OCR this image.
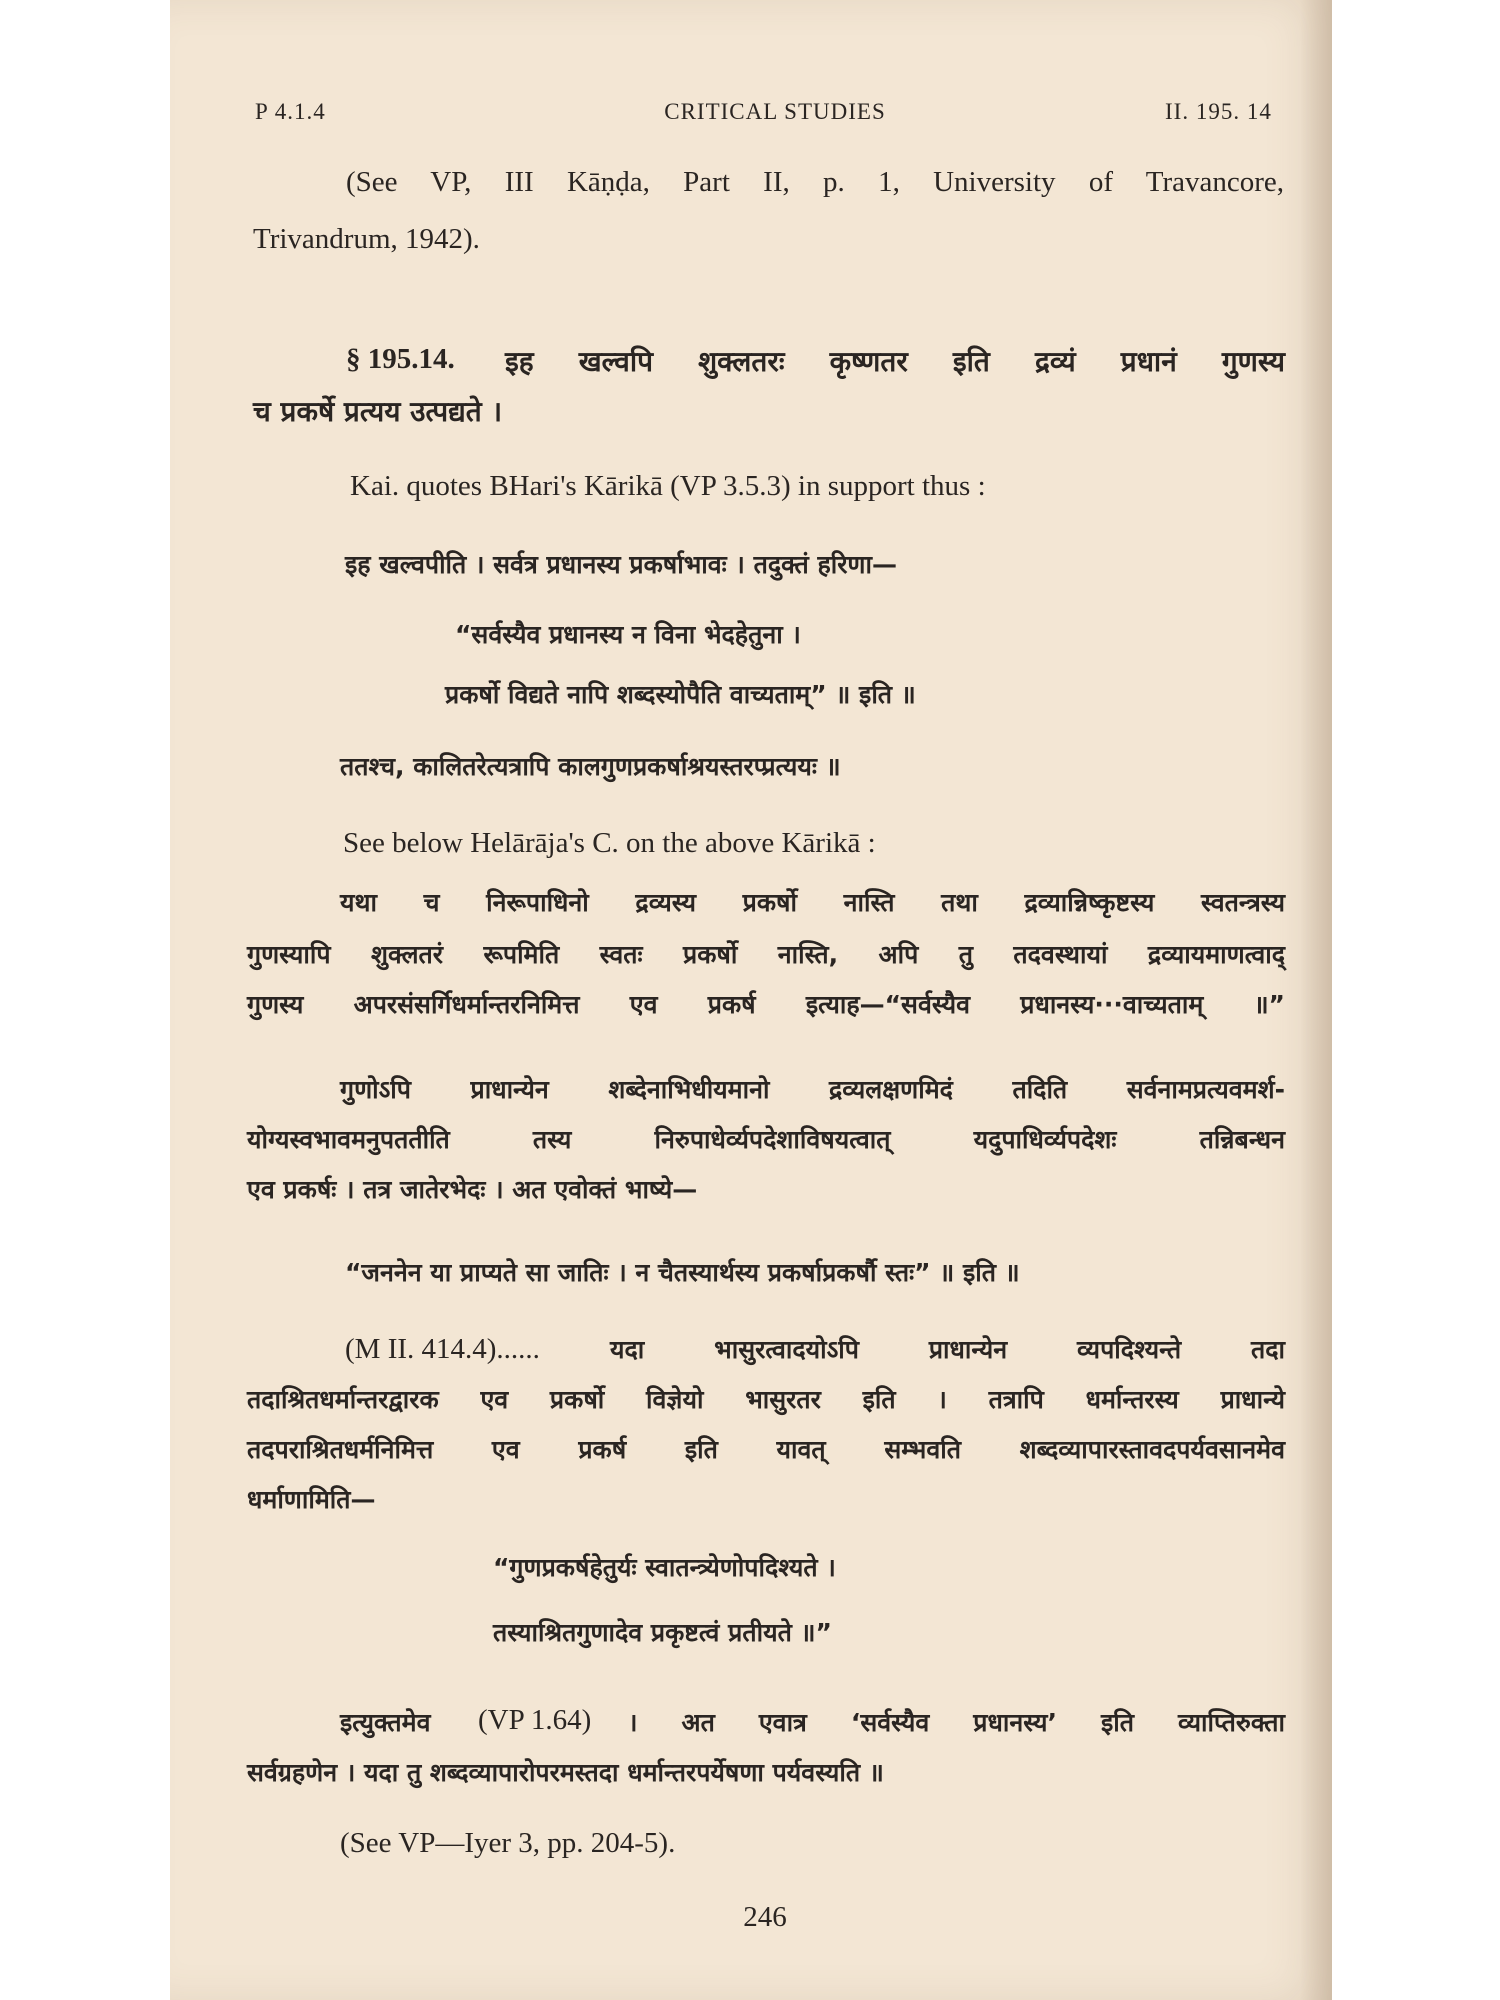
P 4.1.4	CRITICAL STUDIES	II. 195. 14
(See VP, III Kāṇḍa, Part II, p. 1, University of Travancore,
Trivandrum, 1942).
§ 195.14. इह खल्वपि शुक्लतरः कृष्णतर इति द्रव्यं प्रधानं गुणस्य
च प्रकर्षे प्रत्यय उत्पद्यते ।
Kai. quotes BHari's Kārikā (VP 3.5.3) in support thus :
इह खल्वपीति । सर्वत्र प्रधानस्य प्रकर्षाभावः । तदुक्तं हरिणा—
“सर्वस्यैव प्रधानस्य न विना भेदहेतुना ।
प्रकर्षो विद्यते नापि शब्दस्योपैति वाच्यताम्” ॥ इति ॥
ततश्च, कालितरेत्यत्रापि कालगुणप्रकर्षाश्रयस्तरप्प्रत्ययः ॥
See below Helārāja's C. on the above Kārikā :
यथा च निरूपाधिनो द्रव्यस्य प्रकर्षो नास्ति तथा द्रव्यान्निष्कृष्टस्य स्वतन्त्रस्य
गुणस्यापि शुक्लतरं रूपमिति स्वतः प्रकर्षो नास्ति, अपि तु तदवस्थायां द्रव्यायमाणत्वाद्
गुणस्य अपरसंसर्गिधर्मान्तरनिमित्त एव प्रकर्ष इत्याह—“सर्वस्यैव प्रधानस्य···वाच्यताम् ॥”
गुणोऽपि प्राधान्येन शब्देनाभिधीयमानो द्रव्यलक्षणमिदं तदिति सर्वनामप्रत्यवमर्श-
योग्यस्वभावमनुपततीति तस्य निरुपाधेर्व्यपदेशाविषयत्वात् यदुपाधिर्व्यपदेशः तन्निबन्धन
एव प्रकर्षः । तत्र जातेरभेदः । अत एवोक्तं भाष्ये—
“जननेन या प्राप्यते सा जातिः । न चैतस्यार्थस्य प्रकर्षाप्रकर्षौ स्तः” ॥ इति ॥
(M II. 414.4)......	यदा भासुरत्वादयोऽपि प्राधान्येन व्यपदिश्यन्ते तदा
तदाश्रितधर्मान्तरद्वारक एव प्रकर्षो विज्ञेयो भासुरतर इति । तत्रापि धर्मान्तरस्य प्राधान्ये
तदपराश्रितधर्मनिमित्त एव प्रकर्ष इति यावत् सम्भवति शब्दव्यापारस्तावदपर्यवसानमेव
धर्माणामिति—
“गुणप्रकर्षहेतुर्यः स्वातन्त्र्येणोपदिश्यते ।
तस्याश्रितगुणादेव प्रकृष्टत्वं प्रतीयते ॥”
इत्युक्तमेव (VP 1.64) । अत एवात्र ‘सर्वस्यैव प्रधानस्य’ इति व्याप्तिरुक्ता
सर्वग्रहणेन । यदा तु शब्दव्यापारोपरमस्तदा धर्मान्तरपर्येषणा पर्यवस्यति ॥
(See VP—Iyer 3, pp. 204-5).
246
